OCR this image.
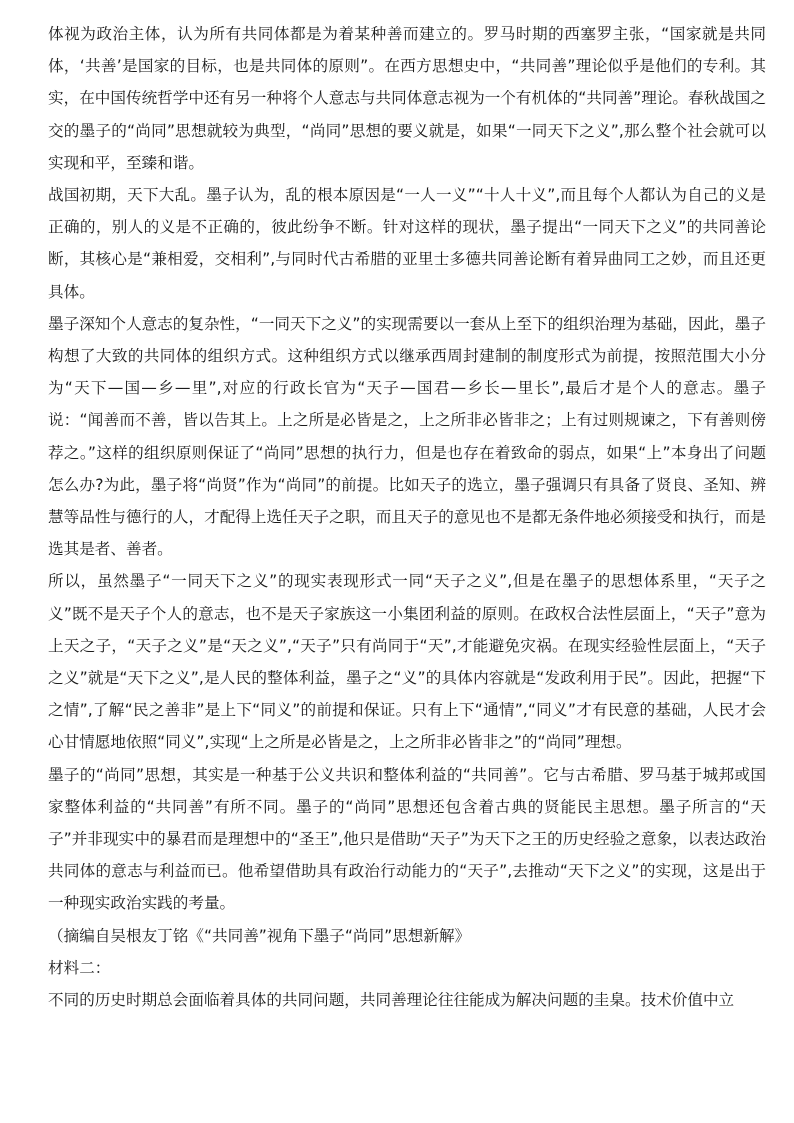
体视为政治主体，认为所有共同体都是为着某种善而建立的。罗马时期的西塞罗主张，“国家就是共同体，‘共善’是国家的目标，也是共同体的原则”。在西方思想史中，“共同善”理论似乎是他们的专利。其实，在中国传统哲学中还有另一种将个人意志与共同体意志视为一个有机体的“共同善”理论。春秋战国之交的墨子的“尚同”思想就较为典型，“尚同”思想的要义就是，如果“一同天下之义”,那么整个社会就可以实现和平，至臻和谐。

战国初期，天下大乱。墨子认为，乱的根本原因是“一人一义”“十人十义”,而且每个人都认为自己的义是正确的，别人的义是不正确的，彼此纷争不断。针对这样的现状，墨子提出“一同天下之义”的共同善论断，其核心是“兼相爱，交相利”,与同时代古希腊的亚里士多德共同善论断有着异曲同工之妙，而且还更具体。

墨子深知个人意志的复杂性，“一同天下之义”的实现需要以一套从上至下的组织治理为基础，因此，墨子构想了大致的共同体的组织方式。这种组织方式以继承西周封建制的制度形式为前提，按照范围大小分为“天下—国—乡—里”,对应的行政长官为“天子—国君—乡长—里长”,最后才是个人的意志。墨子说：“闻善而不善，皆以告其上。上之所是必皆是之，上之所非必皆非之；上有过则规谏之，下有善则傍荐之。”这样的组织原则保证了“尚同”思想的执行力，但是也存在着致命的弱点，如果“上”本身出了问题怎么办?为此，墨子将“尚贤”作为“尚同”的前提。比如天子的选立，墨子强调只有具备了贤良、圣知、辨慧等品性与德行的人，才配得上选任天子之职，而且天子的意见也不是都无条件地必须接受和执行，而是选其是者、善者。

所以，虽然墨子“一同天下之义”的现实表现形式一同“天子之义”,但是在墨子的思想体系里，“天子之义”既不是天子个人的意志，也不是天子家族这一小集团利益的原则。在政权合法性层面上，“天子”意为上天之子，“天子之义”是“天之义”,“天子”只有尚同于“天”,才能避免灾祸。在现实经验性层面上，“天子之义”就是“天下之义”,是人民的整体利益，墨子之“义”的具体内容就是“发政利用于民”。因此，把握“下之情”,了解“民之善非”是上下“同义”的前提和保证。只有上下“通情”,“同义”才有民意的基础，人民才会心甘情愿地依照“同义”,实现“上之所是必皆是之，上之所非必皆非之”的“尚同”理想。

墨子的“尚同”思想，其实是一种基于公义共识和整体利益的“共同善”。它与古希腊、罗马基于城邦或国家整体利益的“共同善”有所不同。墨子的“尚同”思想还包含着古典的贤能民主思想。墨子所言的“天子”并非现实中的暴君而是理想中的“圣王”,他只是借助“天子”为天下之王的历史经验之意象，以表达政治共同体的意志与利益而已。他希望借助具有政治行动能力的“天子”,去推动“天下之义”的实现，这是出于一种现实政治实践的考量。

（摘编自吴根友丁铭《“共同善”视角下墨子“尚同”思想新解》

材料二：

不同的历史时期总会面临着具体的共同问题，共同善理论往往能成为解决问题的圭臬。技术价值中立
